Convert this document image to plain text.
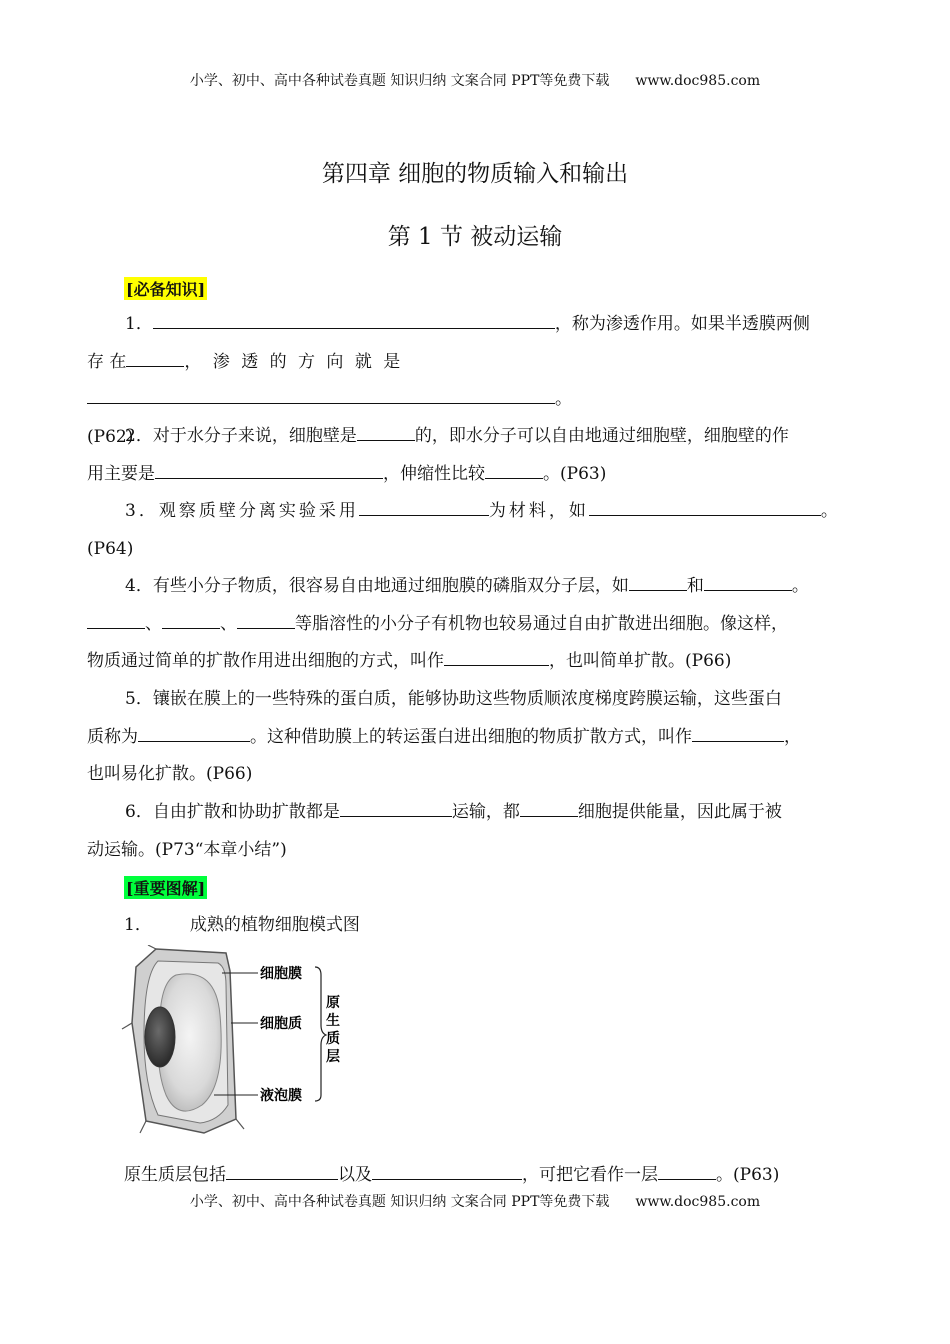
小学、初中、高中各种试卷真题 知识归纳 文案合同 PPT等免费下载 www.doc985.com
第四章 细胞的物质输入和输出
第 1 节 被动运输
[必备知识]
1．	，称为渗透作用。如果半透膜两侧
存 在	， 渗 透 的 方 向 就 是。
(P62)
2．对于水分子来说，细胞壁是	的，即水分子可以自由地通过细胞壁，细胞壁的作
用主要是	，伸缩性比较	。(P63)
3．观察质壁分离实验采用	为材料，如	。
(P64)
4．有些小分子物质，很容易自由地通过细胞膜的磷脂双分子层，如	和	。
、	、	等脂溶性的小分子有机物也较易通过自由扩散进出细胞。像这样，
物质通过简单的扩散作用进出细胞的方式，叫作	，也叫简单扩散。(P66)
5．镶嵌在膜上的一些特殊的蛋白质，能够协助这些物质顺浓度梯度跨膜运输，这些蛋白
质称为	。这种借助膜上的转运蛋白进出细胞的物质扩散方式，叫作	，
也叫易化扩散。(P66)
6．自由扩散和协助扩散都是	运输，都	细胞提供能量，因此属于被
动运输。(P73“本章小结”)
[重要图解]
1． 成熟的植物细胞模式图
细胞膜
细胞质
液泡膜
原
生
质
层
原生质层包括	以及	，可把它看作一层	。(P63)
小学、初中、高中各种试卷真题 知识归纳 文案合同 PPT等免费下载 www.doc985.com
